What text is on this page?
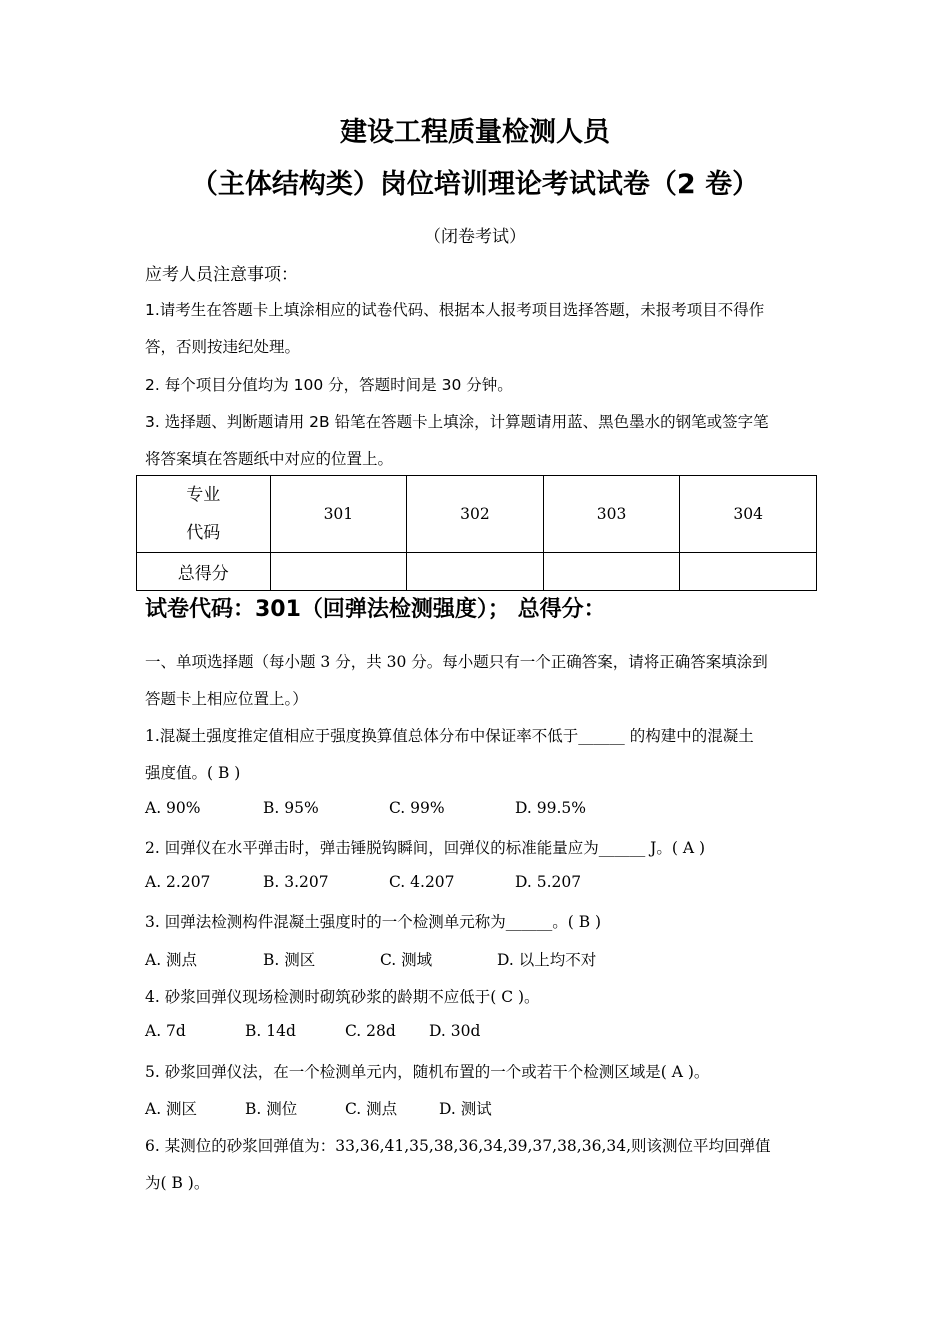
建设工程质量检测人员
（主体结构类）岗位培训理论考试试卷（2 卷）
（闭卷考试）
应考人员注意事项：
1.请考生在答题卡上填涂相应的试卷代码、根据本人报考项目选择答题，未报考项目不得作
答，否则按违纪处理。
2. 每个项目分值均为 100 分，答题时间是 30 分钟。
3. 选择题、判断题请用 2B 铅笔在答题卡上填涂，计算题请用蓝、黑色墨水的钢笔或签字笔
将答案填在答题纸中对应的位置上。
专业
代码	301	302	303	304
总得分				
试卷代码：301（回弹法检测强度）； 总得分：
一、单项选择题（每小题 3 分，共 30 分。每小题只有一个正确答案，请将正确答案填涂到
答题卡上相应位置上。）
1.混凝土强度推定值相应于强度换算值总体分布中保证率不低于______ 的构建中的混凝土
强度值。( B )
A. 90%	B. 95%	C. 99%	D. 99.5%
2. 回弹仪在水平弹击时，弹击锤脱钩瞬间，回弹仪的标准能量应为______ J。( A )
A. 2.207	B. 3.207	C. 4.207	D. 5.207
3. 回弹法检测构件混凝土强度时的一个检测单元称为______。( B )
A. 测点	B. 测区	C. 测域	D. 以上均不对
4. 砂浆回弹仪现场检测时砌筑砂浆的龄期不应低于( C )。
A. 7d	B. 14d	C. 28d D. 30d
5. 砂浆回弹仪法，在一个检测单元内，随机布置的一个或若干个检测区域是( A )。
A. 测区	B. 测位	C. 测点	D. 测试
6. 某测位的砂浆回弹值为：33,36,41,35,38,36,34,39,37,38,36,34,则该测位平均回弹值
为( B )。
